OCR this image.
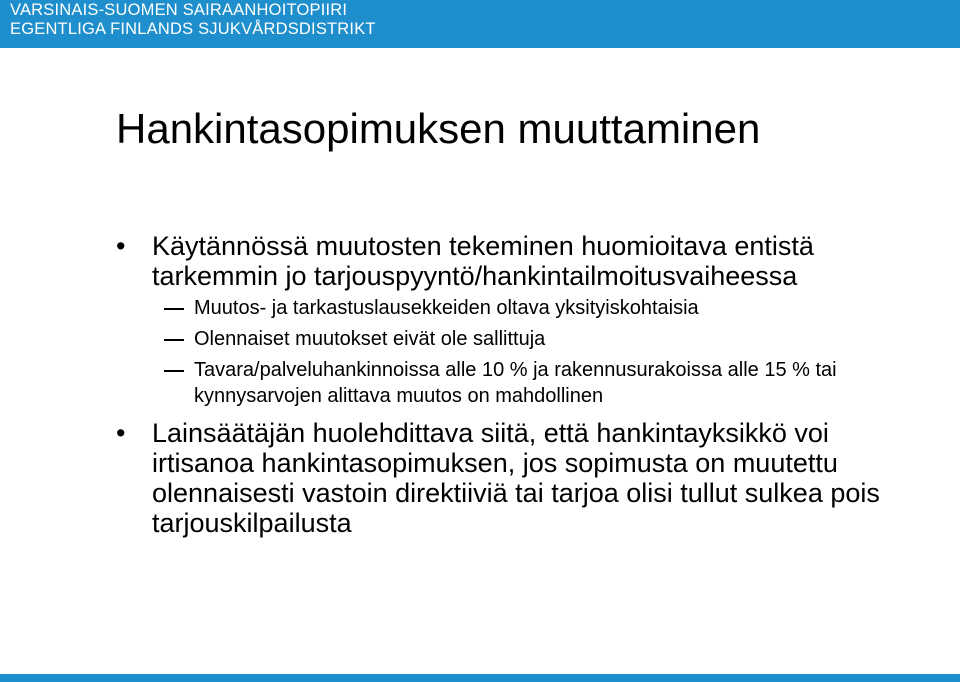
VARSINAIS-SUOMEN SAIRAANHOITOPIIRI
EGENTLIGA FINLANDS SJUKVÅRDSDISTRIKT
Hankintasopimuksen muuttaminen
• Käytännössä muutosten tekeminen huomioitava entistä tarkemmin jo tarjouspyyntö/hankintailmoitusvaiheessa
Muutos- ja tarkastuslausekkeiden oltava yksityiskohtaisia
Olennaiset muutokset eivät ole sallittuja
Tavara/palveluhankinnoissa alle 10 % ja rakennusurakoissa alle 15 % tai kynnysarvojen alittava muutos on mahdollinen
• Lainsäätäjän huolehdittava siitä, että hankintayksikkö voi irtisanoa hankintasopimuksen, jos sopimusta on muutettu olennaisesti vastoin direktiiviä tai tarjoa olisi tullut sulkea pois tarjouskilpailusta
